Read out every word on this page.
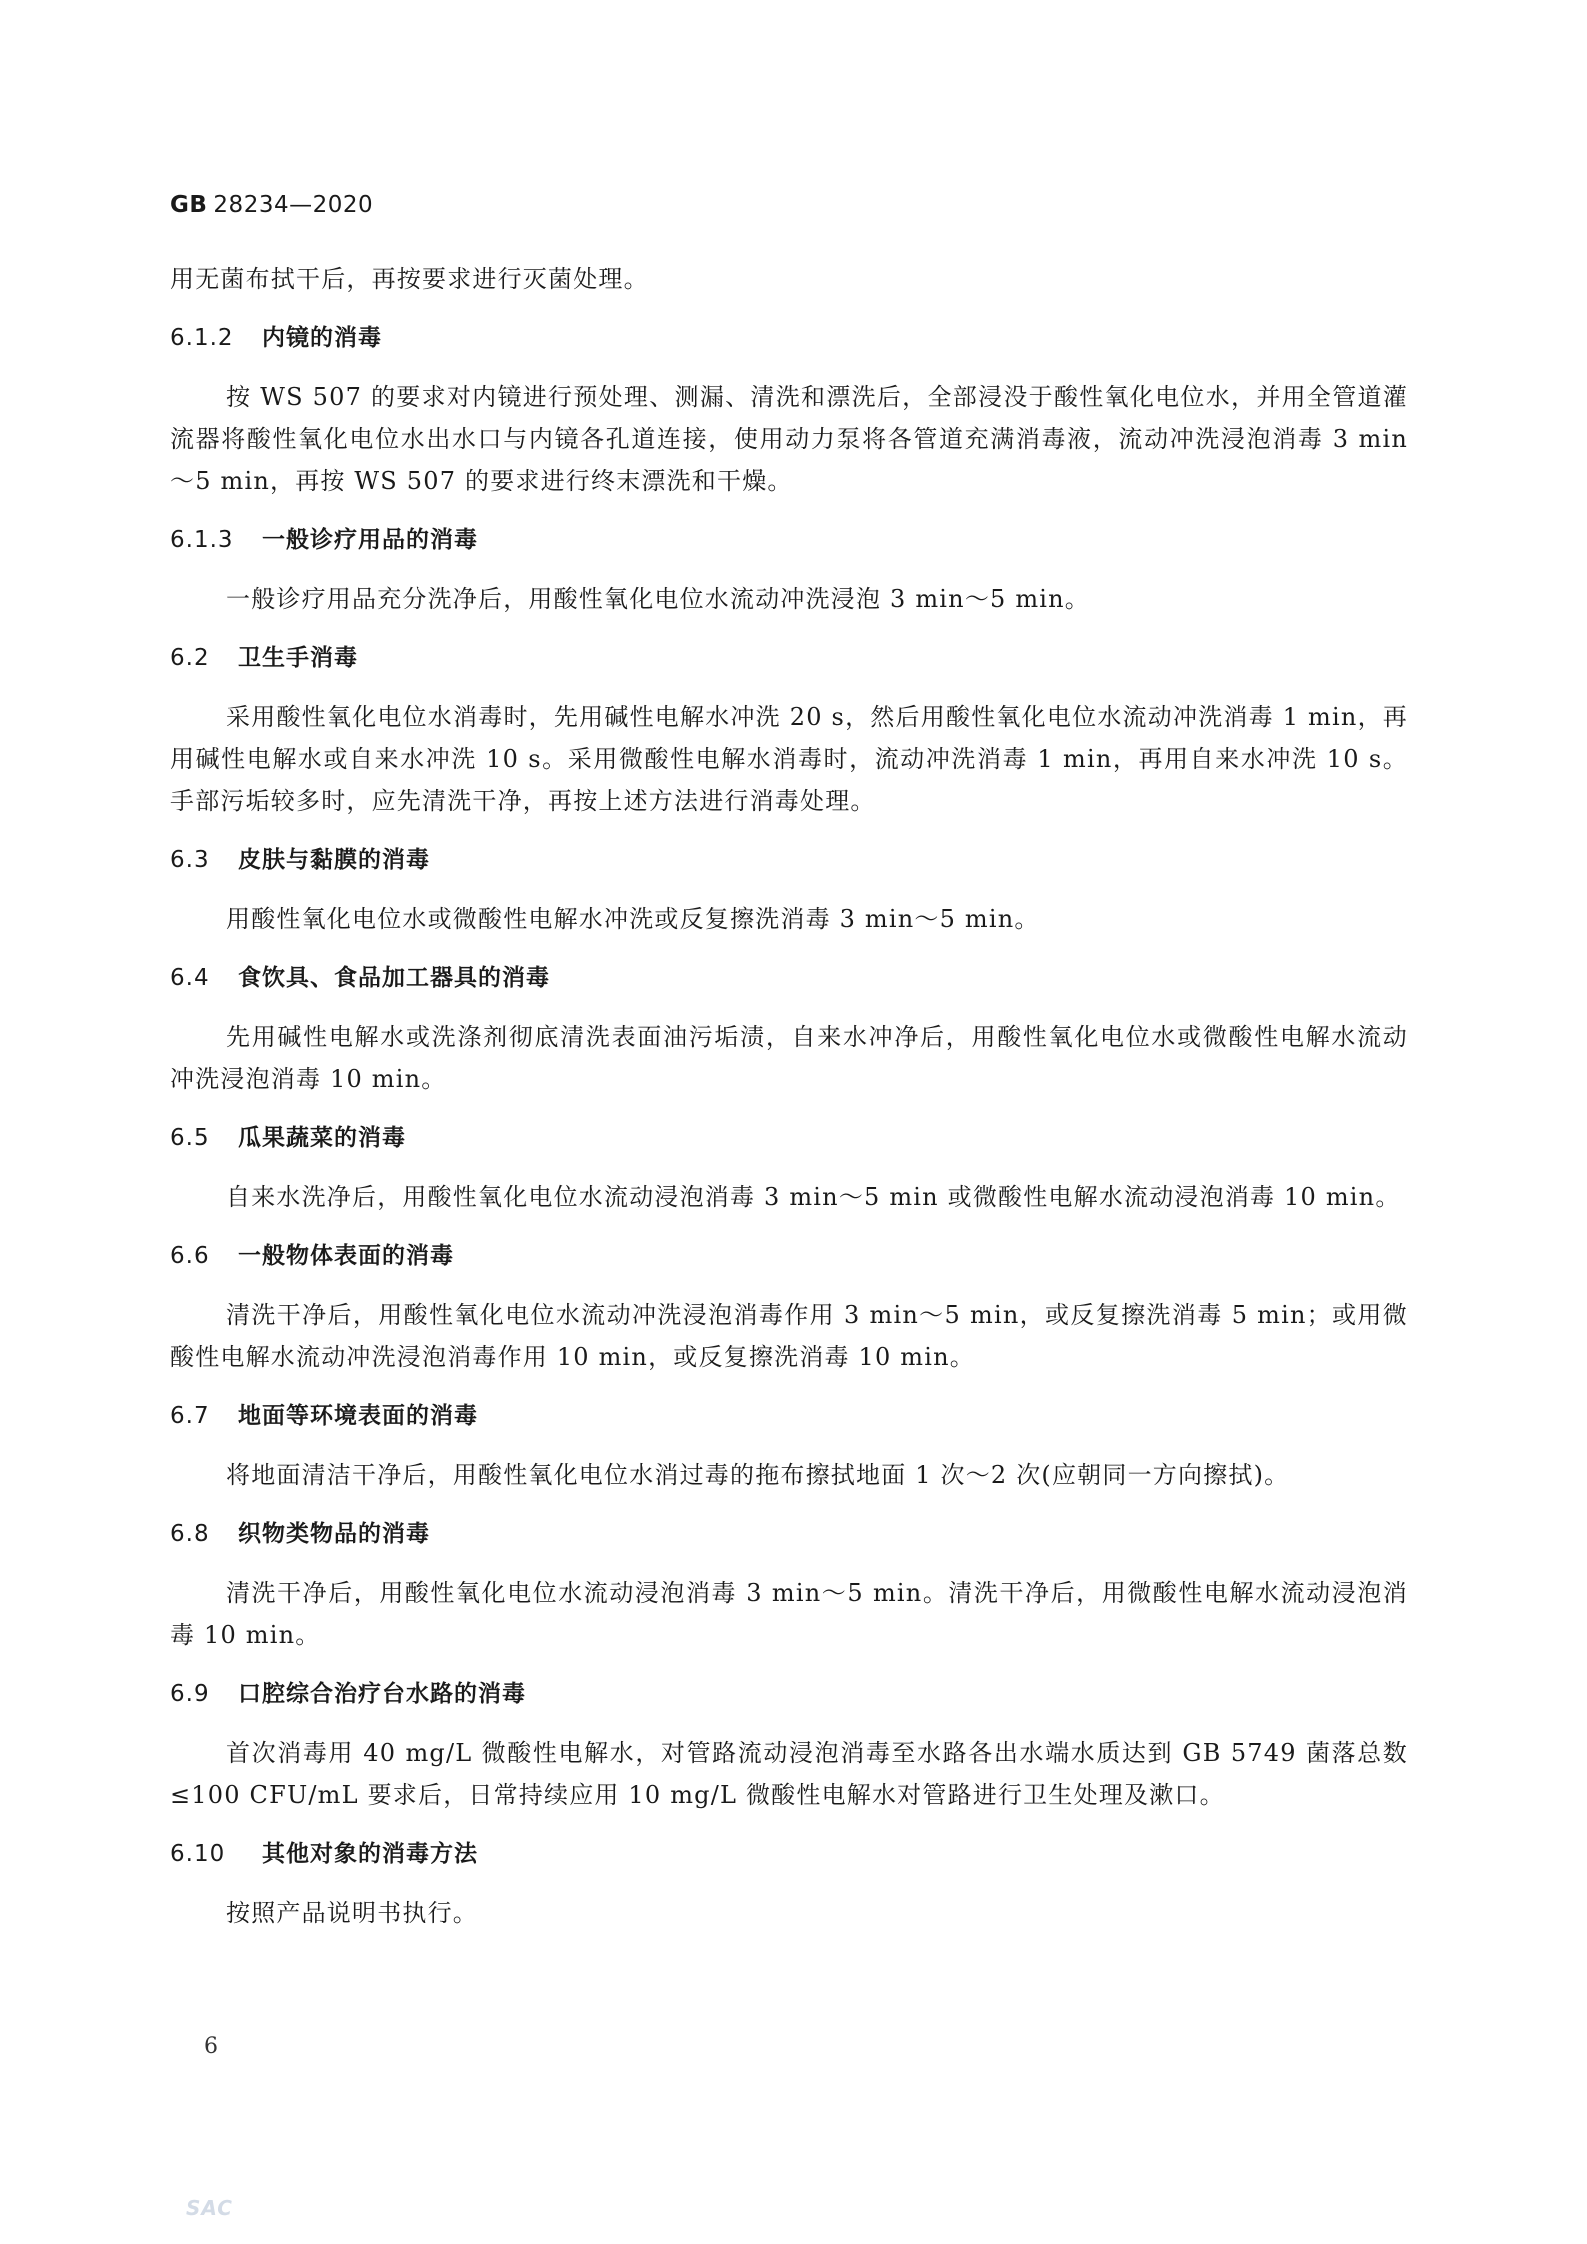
GB 28234—2020

用无菌布拭干后，再按要求进行灭菌处理。

6.1.2 内镜的消毒

按 WS 507 的要求对内镜进行预处理、测漏、清洗和漂洗后，全部浸没于酸性氧化电位水，并用全管道灌流器将酸性氧化电位水出水口与内镜各孔道连接，使用动力泵将各管道充满消毒液，流动冲洗浸泡消毒 3 min～5 min，再按 WS 507 的要求进行终末漂洗和干燥。

6.1.3 一般诊疗用品的消毒

一般诊疗用品充分洗净后，用酸性氧化电位水流动冲洗浸泡 3 min～5 min。

6.2 卫生手消毒

采用酸性氧化电位水消毒时，先用碱性电解水冲洗 20 s，然后用酸性氧化电位水流动冲洗消毒 1 min，再用碱性电解水或自来水冲洗 10 s。采用微酸性电解水消毒时，流动冲洗消毒 1 min，再用自来水冲洗 10 s。手部污垢较多时，应先清洗干净，再按上述方法进行消毒处理。

6.3 皮肤与黏膜的消毒

用酸性氧化电位水或微酸性电解水冲洗或反复擦洗消毒 3 min～5 min。

6.4 食饮具、食品加工器具的消毒

先用碱性电解水或洗涤剂彻底清洗表面油污垢渍，自来水冲净后，用酸性氧化电位水或微酸性电解水流动冲洗浸泡消毒 10 min。

6.5 瓜果蔬菜的消毒

自来水洗净后，用酸性氧化电位水流动浸泡消毒 3 min～5 min 或微酸性电解水流动浸泡消毒 10 min。

6.6 一般物体表面的消毒

清洗干净后，用酸性氧化电位水流动冲洗浸泡消毒作用 3 min～5 min，或反复擦洗消毒 5 min；或用微酸性电解水流动冲洗浸泡消毒作用 10 min，或反复擦洗消毒 10 min。

6.7 地面等环境表面的消毒

将地面清洁干净后，用酸性氧化电位水消过毒的拖布擦拭地面 1 次～2 次(应朝同一方向擦拭)。

6.8 织物类物品的消毒

清洗干净后，用酸性氧化电位水流动浸泡消毒 3 min～5 min。清洗干净后，用微酸性电解水流动浸泡消毒 10 min。

6.9 口腔综合治疗台水路的消毒

首次消毒用 40 mg/L 微酸性电解水，对管路流动浸泡消毒至水路各出水端水质达到 GB 5749 菌落总数≤100 CFU/mL 要求后，日常持续应用 10 mg/L 微酸性电解水对管路进行卫生处理及漱口。

6.10 其他对象的消毒方法

按照产品说明书执行。

6
SAC
